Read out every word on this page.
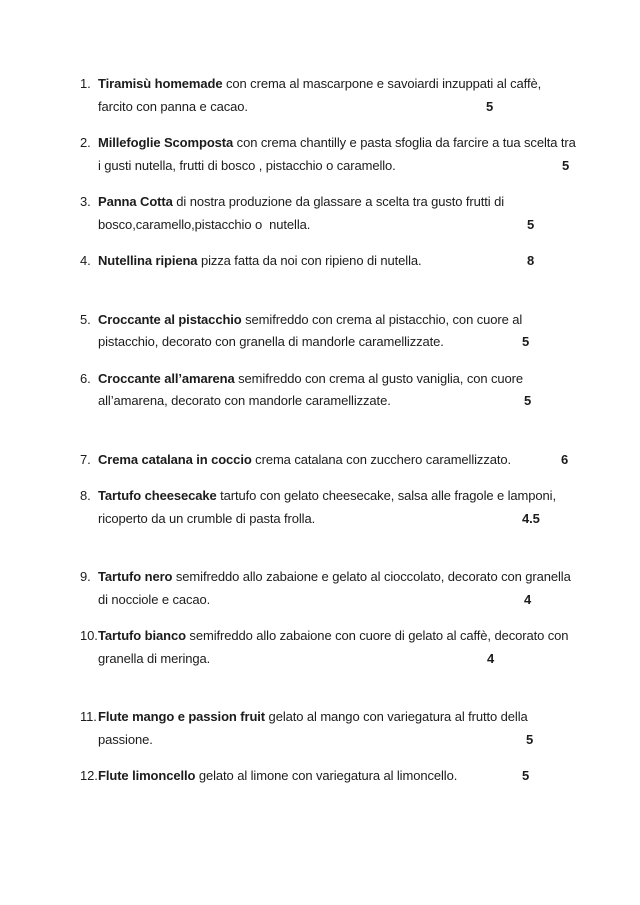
1. Tiramisù homemade con crema al mascarpone e savoiardi inzuppati al caffè, farcito con panna e cacao.	5
2. Millefoglie Scomposta con crema chantilly e pasta sfoglia da farcire a tua scelta tra i gusti nutella, frutti di bosco , pistacchio o caramello.	5
3. Panna Cotta di nostra produzione da glassare a scelta tra gusto frutti di bosco,caramello,pistacchio o  nutella.	5
4. Nutellina ripiena pizza fatta da noi con ripieno di nutella.	8
5. Croccante al pistacchio semifreddo con crema al pistacchio, con cuore al pistacchio, decorato con granella di mandorle caramellizzate.	5
6. Croccante all’amarena semifreddo con crema al gusto vaniglia, con cuore all’amarena, decorato con mandorle caramellizzate.	5
7. Crema catalana in coccio crema catalana con zucchero caramellizzato.	6
8. Tartufo cheesecake tartufo con gelato cheesecake, salsa alle fragole e lamponi, ricoperto da un crumble di pasta frolla.	4.5
9. Tartufo nero semifreddo allo zabaione e gelato al cioccolato, decorato con granella di nocciole e cacao.	4
10. Tartufo bianco semifreddo allo zabaione con cuore di gelato al caffè, decorato con granella di meringa.	4
11. Flute mango e passion fruit gelato al mango con variegatura al frutto della passione.	5
12. Flute limoncello gelato al limone con variegatura al limoncello.	5
